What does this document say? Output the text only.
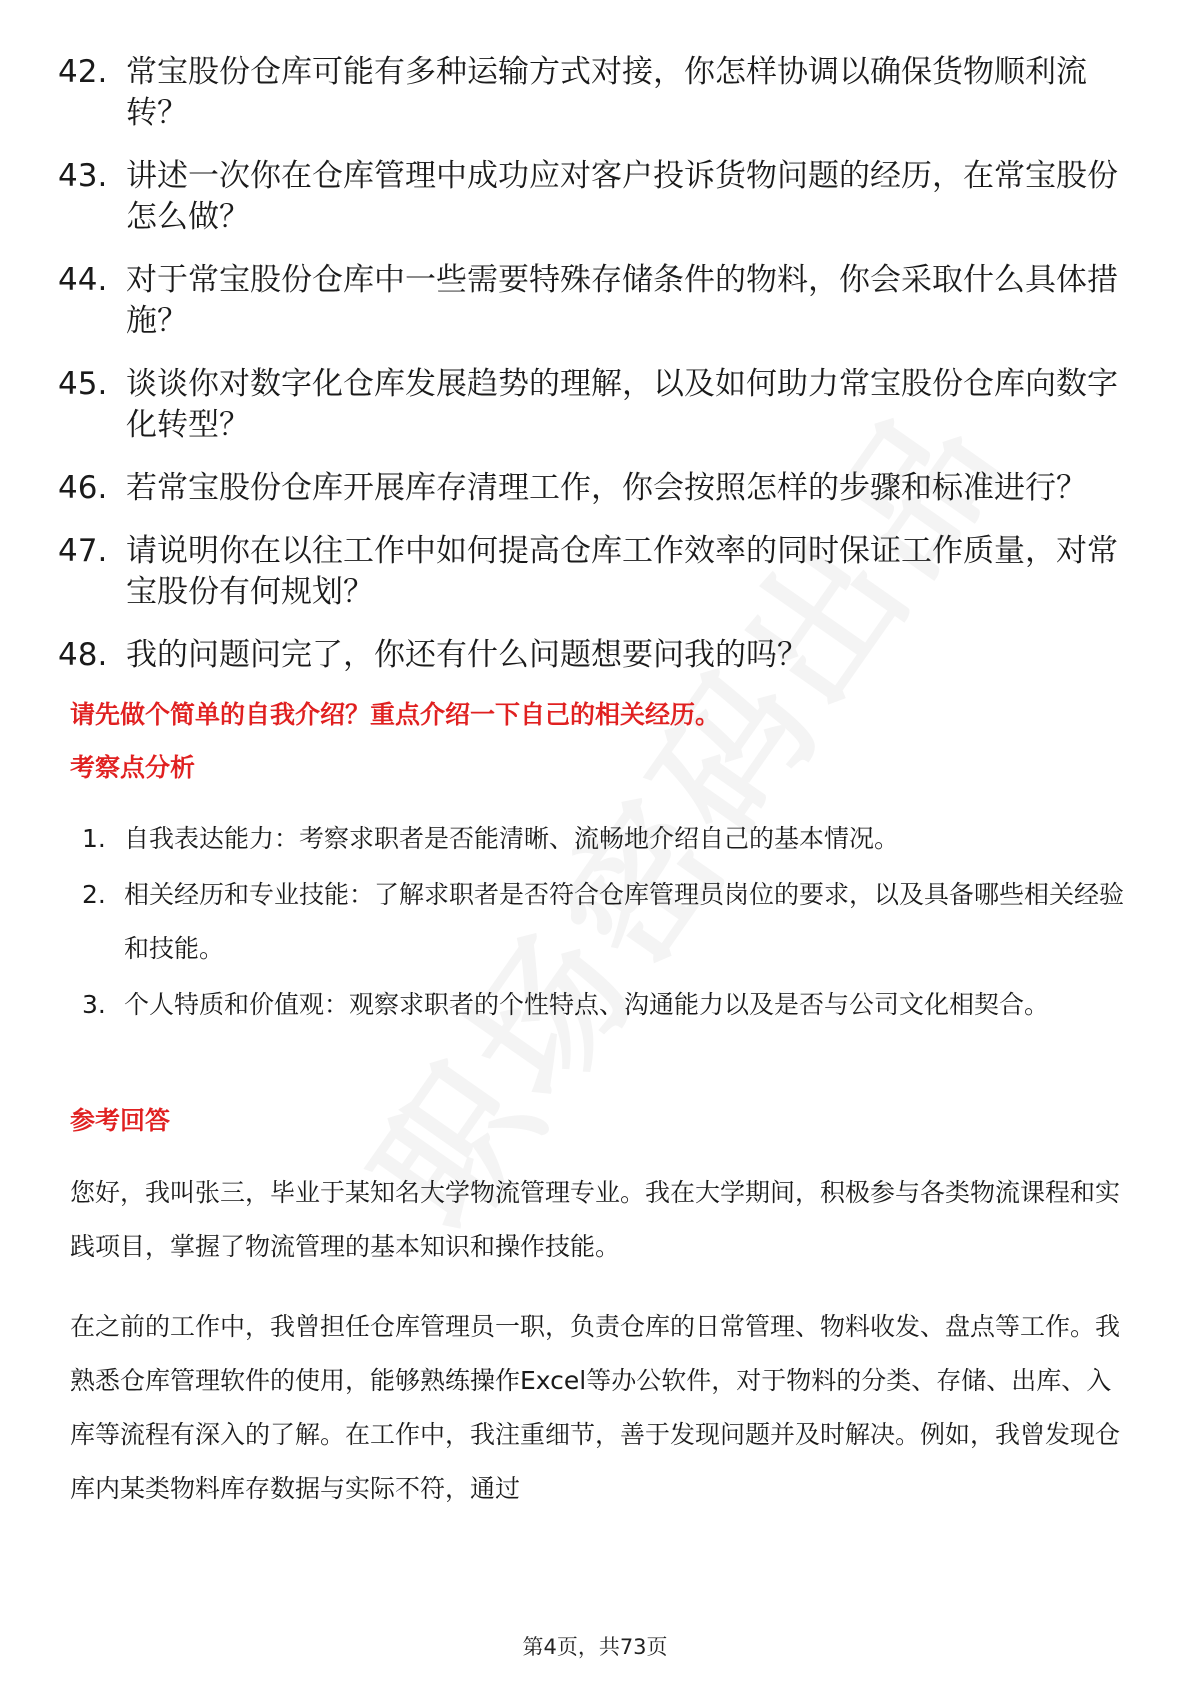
42. 常宝股份仓库可能有多种运输方式对接，你怎样协调以确保货物顺利流转？
43. 讲述一次你在仓库管理中成功应对客户投诉货物问题的经历，在常宝股份怎么做？
44. 对于常宝股份仓库中一些需要特殊存储条件的物料，你会采取什么具体措施？
45. 谈谈你对数字化仓库发展趋势的理解，以及如何助力常宝股份仓库向数字化转型？
46. 若常宝股份仓库开展库存清理工作，你会按照怎样的步骤和标准进行？
47. 请说明你在以往工作中如何提高仓库工作效率的同时保证工作质量，对常宝股份有何规划？
48. 我的问题问完了，你还有什么问题想要问我的吗？
请先做个简单的自我介绍？重点介绍一下自己的相关经历。
考察点分析
1. 自我表达能力：考察求职者是否能清晰、流畅地介绍自己的基本情况。
2. 相关经历和专业技能：了解求职者是否符合仓库管理员岗位的要求，以及具备哪些相关经验和技能。
3. 个人特质和价值观：观察求职者的个性特点、沟通能力以及是否与公司文化相契合。
参考回答

您好，我叫张三，毕业于某知名大学物流管理专业。我在大学期间，积极参与各类物流课程和实践项目，掌握了物流管理的基本知识和操作技能。

在之前的工作中，我曾担任仓库管理员一职，负责仓库的日常管理、物料收发、盘点等工作。我熟悉仓库管理软件的使用，能够熟练操作Excel等办公软件，对于物料的分类、存储、出库、入库等流程有深入的了解。在工作中，我注重细节，善于发现问题并及时解决。例如，我曾发现仓库内某类物料库存数据与实际不符，通过

第4页，共73页
